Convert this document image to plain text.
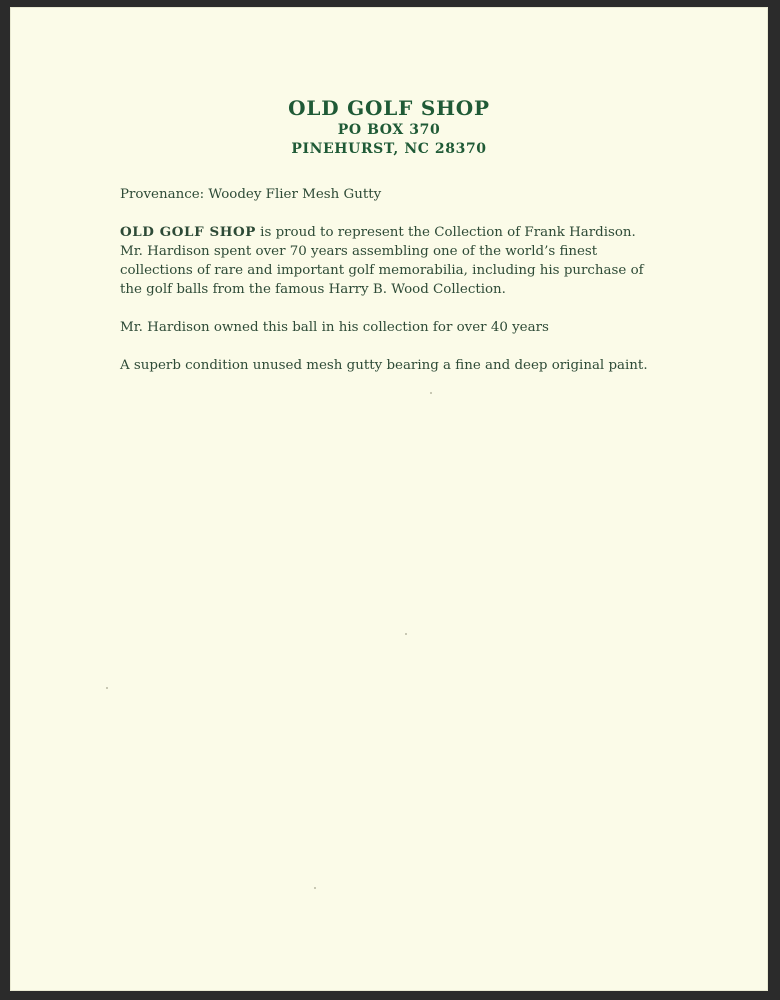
OLD GOLF SHOP
PO BOX 370
PINEHURST, NC 28370

Provenance: Woodey Flier Mesh Gutty

OLD GOLF SHOP is proud to represent the Collection of Frank Hardison. Mr. Hardison spent over 70 years assembling one of the world’s finest collections of rare and important golf memorabilia, including his purchase of the golf balls from the famous Harry B. Wood Collection.

Mr. Hardison owned this ball in his collection for over 40 years

A superb condition unused mesh gutty bearing a fine and deep original paint.
